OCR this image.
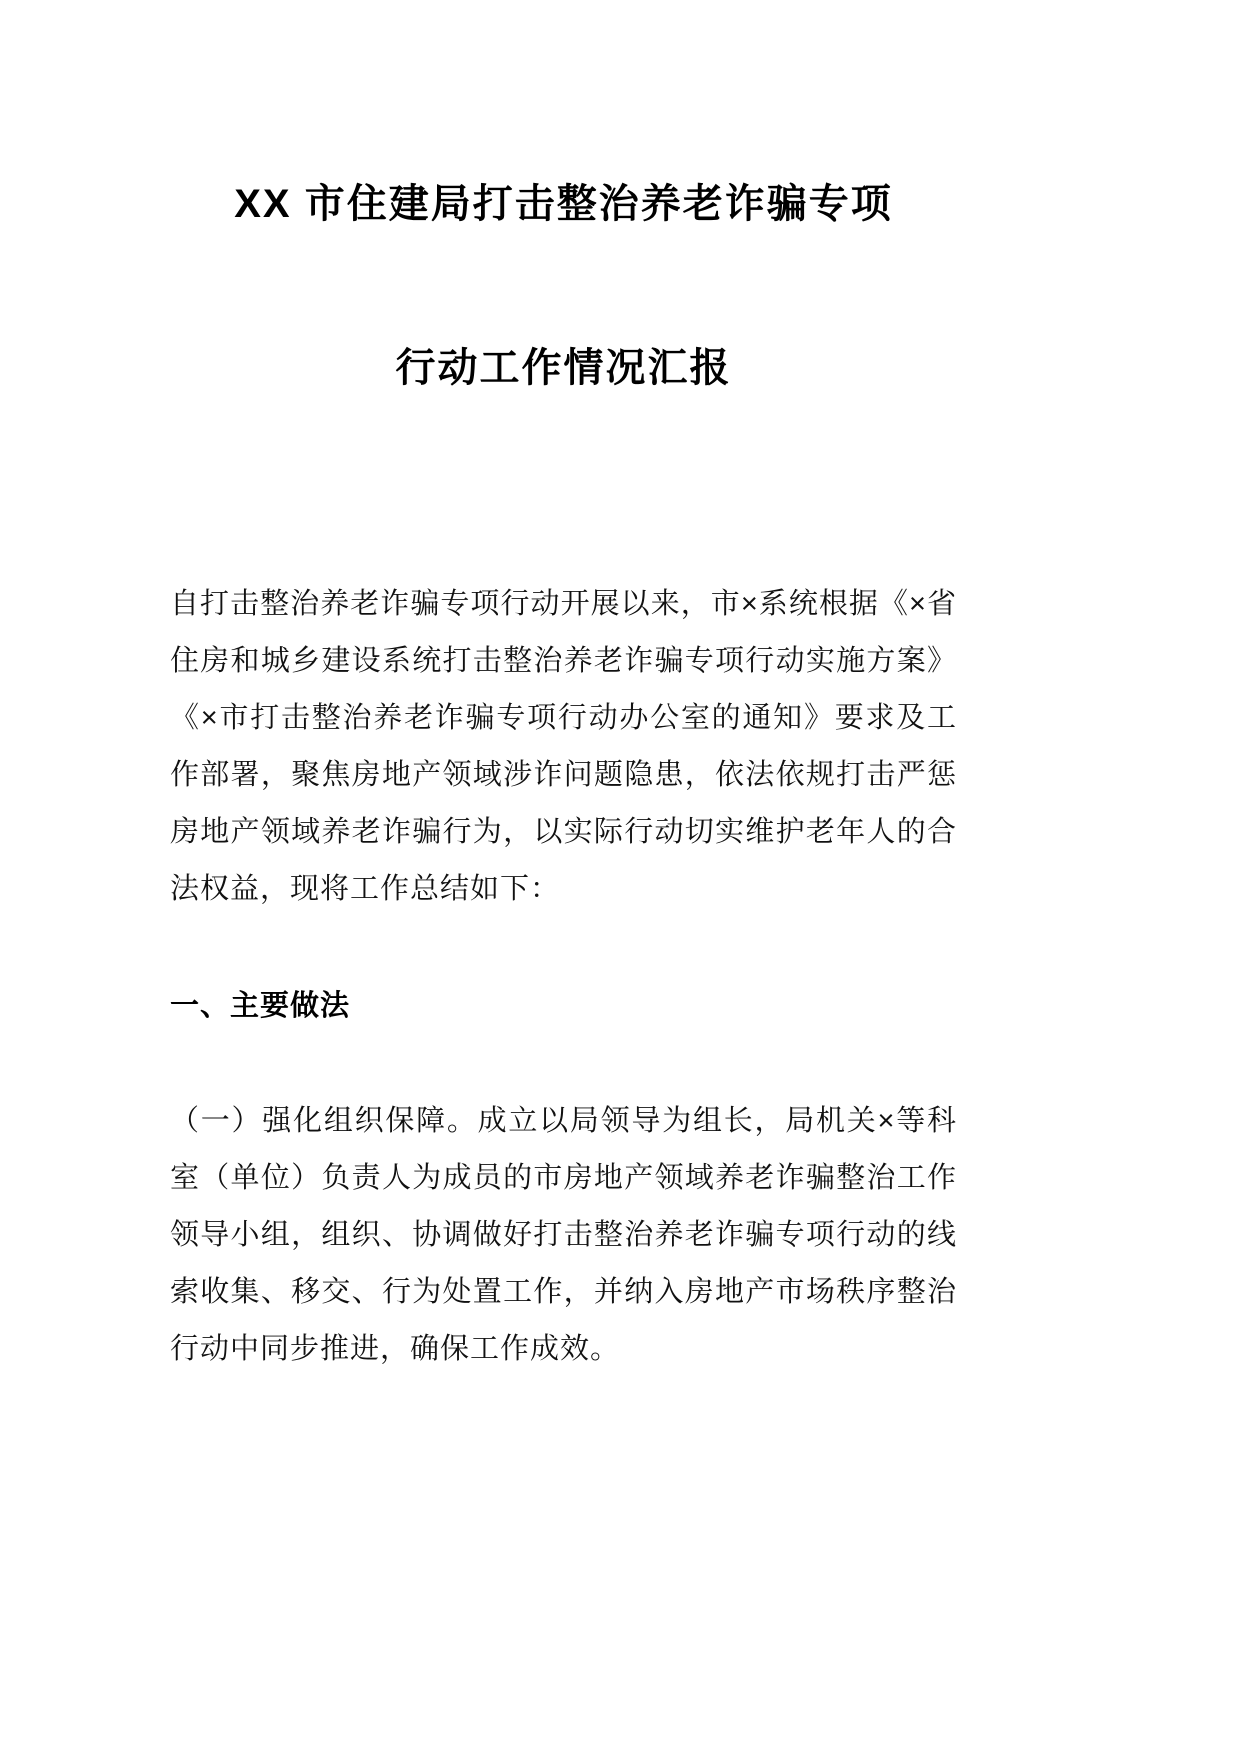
XX 市住建局打击整治养老诈骗专项
行动工作情况汇报

自打击整治养老诈骗专项行动开展以来，市×系统根据《×省住房和城乡建设系统打击整治养老诈骗专项行动实施方案》《×市打击整治养老诈骗专项行动办公室的通知》要求及工作部署，聚焦房地产领域涉诈问题隐患，依法依规打击严惩房地产领域养老诈骗行为，以实际行动切实维护老年人的合法权益，现将工作总结如下：

一、主要做法

（一）强化组织保障。成立以局领导为组长，局机关×等科室（单位）负责人为成员的市房地产领域养老诈骗整治工作领导小组，组织、协调做好打击整治养老诈骗专项行动的线索收集、移交、行为处置工作，并纳入房地产市场秩序整治行动中同步推进，确保工作成效。
